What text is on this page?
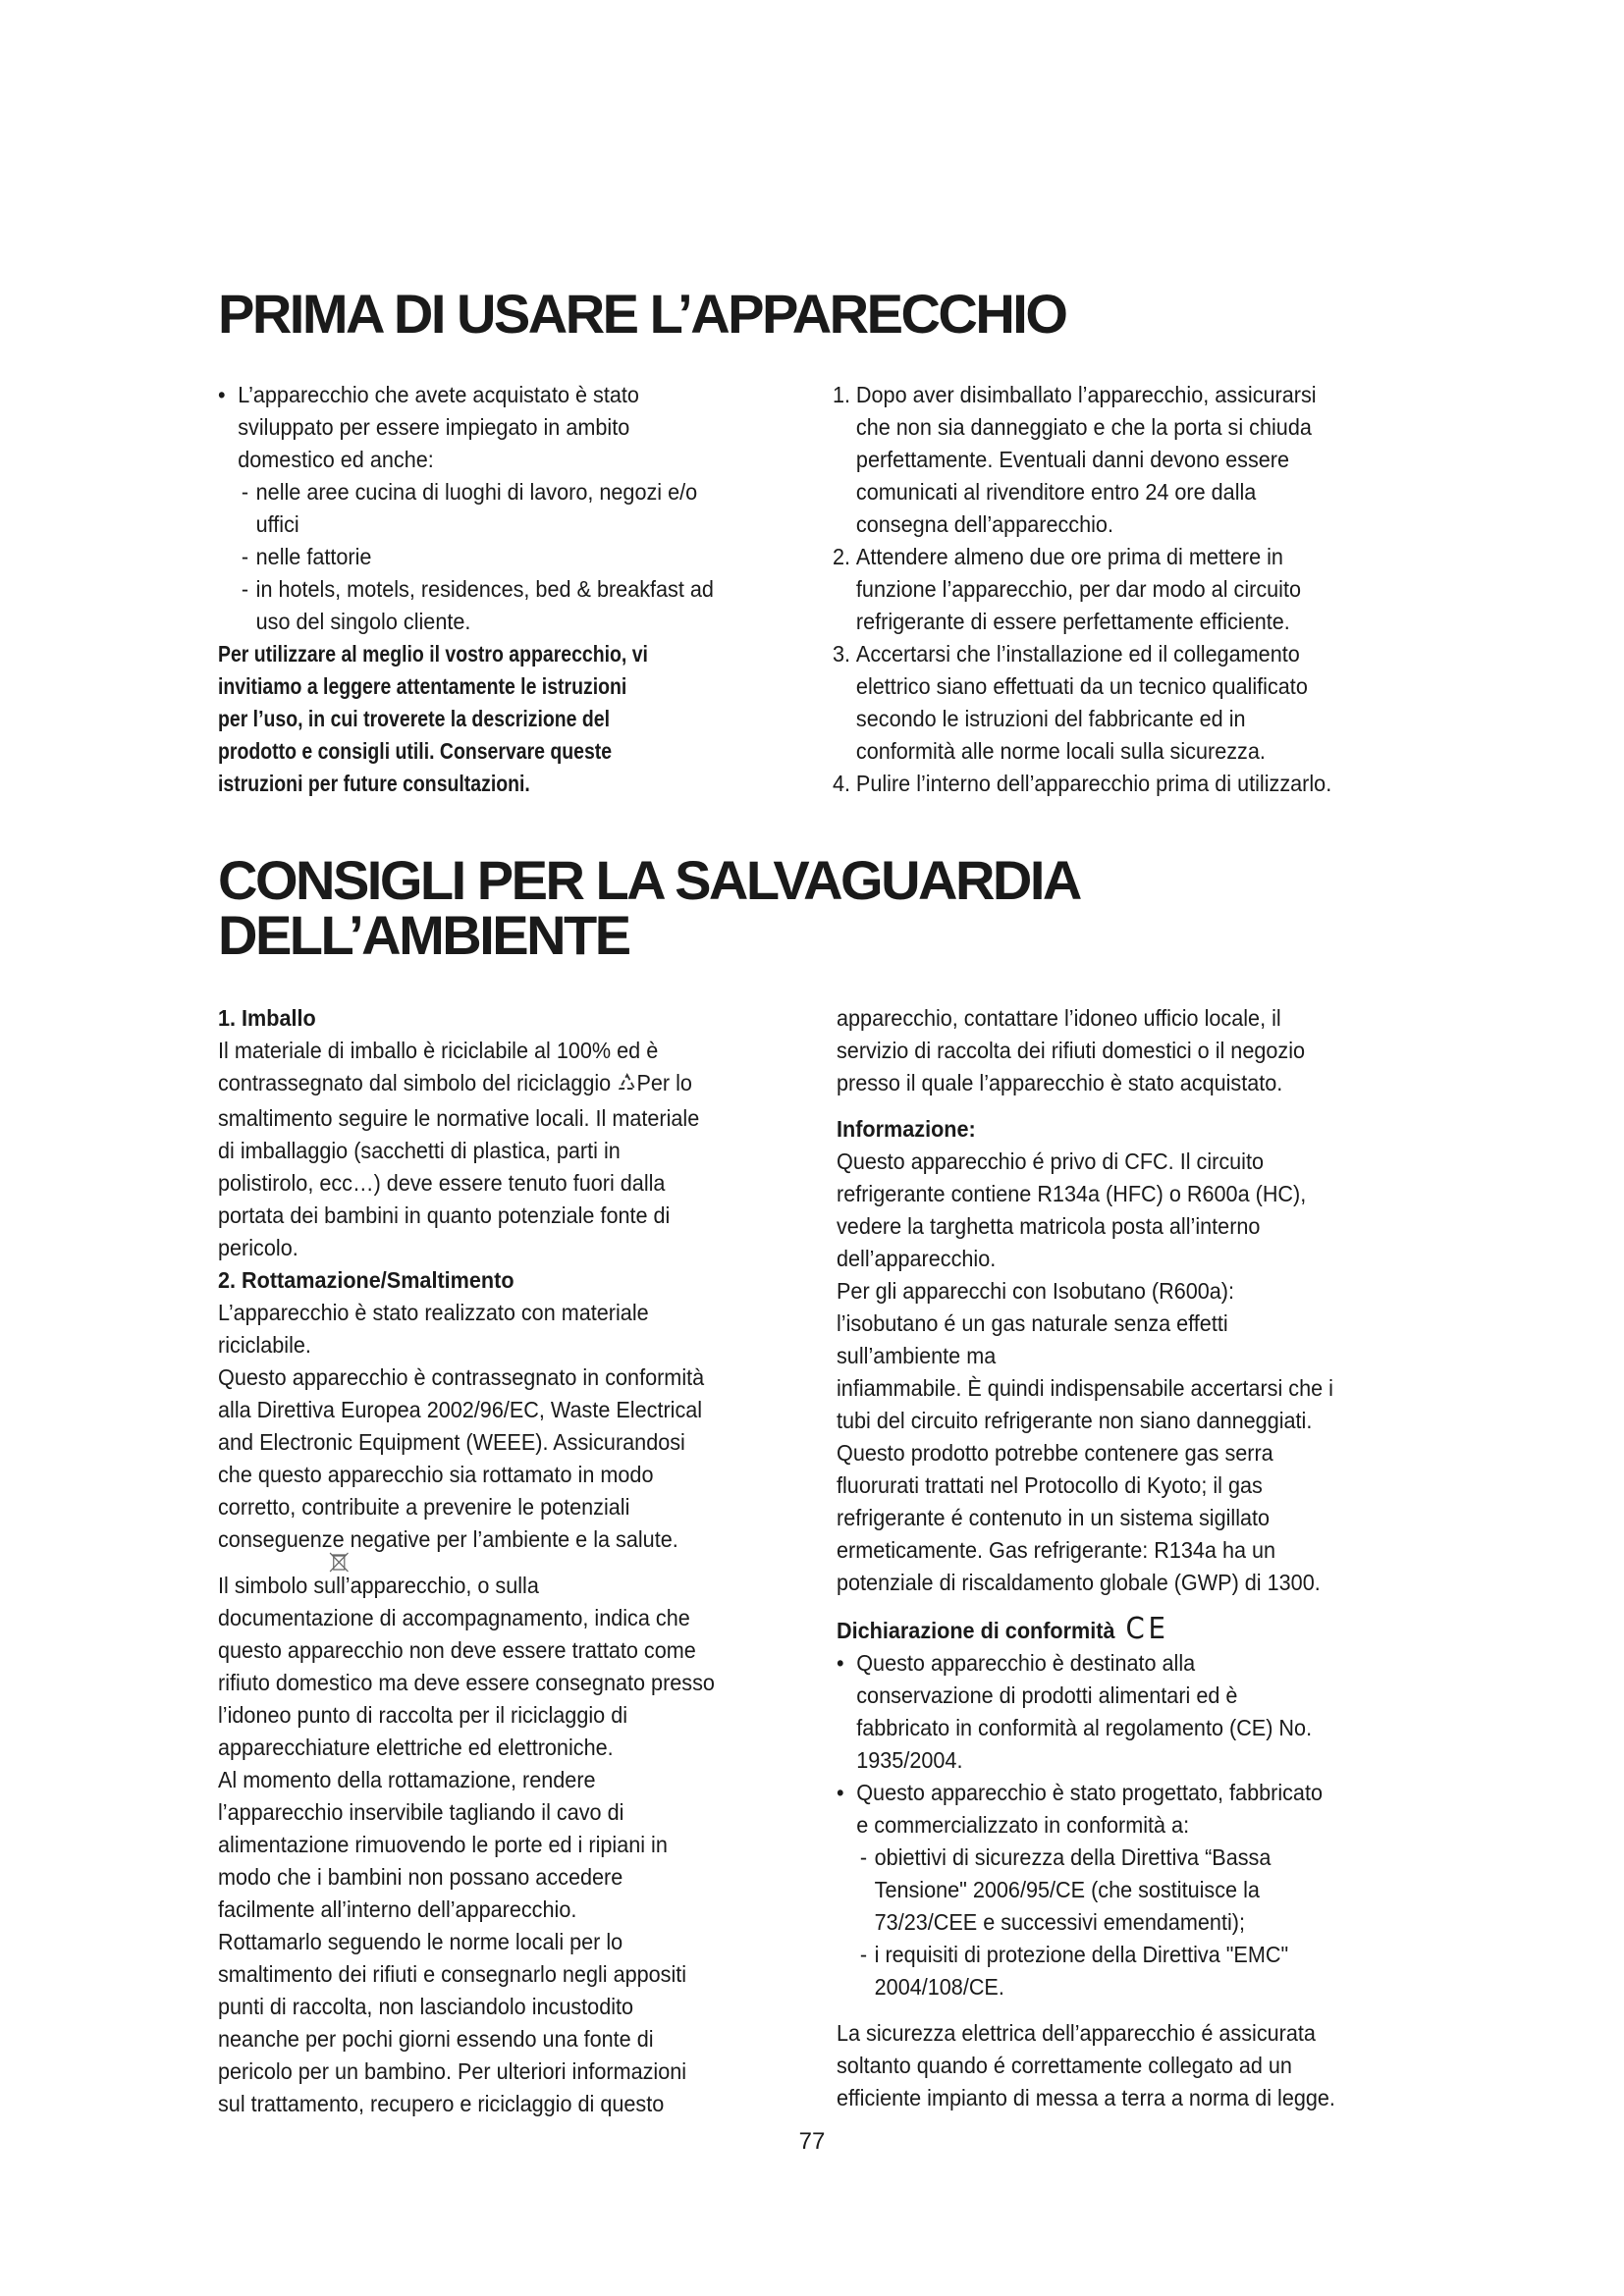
PRIMA DI USARE L’APPARECCHIO
• L’apparecchio che avete acquistato è stato
sviluppato per essere impiegato in ambito
domestico ed anche:
- nelle aree cucina di luoghi di lavoro, negozi e/o
uffici
- nelle fattorie
- in hotels, motels, residences, bed & breakfast ad
uso del singolo cliente.
Per utilizzare al meglio il vostro apparecchio, vi
invitiamo a leggere attentamente le istruzioni
per l’uso, in cui troverete la descrizione del
prodotto e consigli utili. Conservare queste
istruzioni per future consultazioni.
1. Dopo aver disimballato l’apparecchio, assicurarsi
che non sia danneggiato e che la porta si chiuda
perfettamente. Eventuali danni devono essere
comunicati al rivenditore entro 24 ore dalla
consegna dell’apparecchio.
2. Attendere almeno due ore prima di mettere in
funzione l’apparecchio, per dar modo al circuito
refrigerante di essere perfettamente efficiente.
3. Accertarsi che l’installazione ed il collegamento
elettrico siano effettuati da un tecnico qualificato
secondo le istruzioni del fabbricante ed in
conformità alle norme locali sulla sicurezza.
4. Pulire l’interno dell’apparecchio prima di utilizzarlo.
CONSIGLI PER LA SALVAGUARDIA
DELL’AMBIENTE
1. Imballo
Il materiale di imballo è riciclabile al 100% ed è
contrassegnato dal simbolo del riciclaggio Per lo
smaltimento seguire le normative locali. Il materiale
di imballaggio (sacchetti di plastica, parti in
polistirolo, ecc…) deve essere tenuto fuori dalla
portata dei bambini in quanto potenziale fonte di
pericolo.
2. Rottamazione/Smaltimento
L’apparecchio è stato realizzato con materiale
riciclabile.
Questo apparecchio è contrassegnato in conformità
alla Direttiva Europea 2002/96/EC, Waste Electrical
and Electronic Equipment (WEEE). Assicurandosi
che questo apparecchio sia rottamato in modo
corretto, contribuite a prevenire le potenziali
conseguenze negative per l’ambiente e la salute.
Il simbolo sull’apparecchio, o sulla
documentazione di accompagnamento, indica che
questo apparecchio non deve essere trattato come
rifiuto domestico ma deve essere consegnato presso
l’idoneo punto di raccolta per il riciclaggio di
apparecchiature elettriche ed elettroniche.
Al momento della rottamazione, rendere
l’apparecchio inservibile tagliando il cavo di
alimentazione rimuovendo le porte ed i ripiani in
modo che i bambini non possano accedere
facilmente all’interno dell’apparecchio.
Rottamarlo seguendo le norme locali per lo
smaltimento dei rifiuti e consegnarlo negli appositi
punti di raccolta, non lasciandolo incustodito
neanche per pochi giorni essendo una fonte di
pericolo per un bambino. Per ulteriori informazioni
sul trattamento, recupero e riciclaggio di questo
apparecchio, contattare l’idoneo ufficio locale, il
servizio di raccolta dei rifiuti domestici o il negozio
presso il quale l’apparecchio è stato acquistato.
Informazione:
Questo apparecchio é privo di CFC. Il circuito
refrigerante contiene R134a (HFC) o R600a (HC),
vedere la targhetta matricola posta all’interno
dell’apparecchio.
Per gli apparecchi con Isobutano (R600a):
l’isobutano é un gas naturale senza effetti
sull’ambiente ma
infiammabile. È quindi indispensabile accertarsi che i
tubi del circuito refrigerante non siano danneggiati.
Questo prodotto potrebbe contenere gas serra
fluorurati trattati nel Protocollo di Kyoto; il gas
refrigerante é contenuto in un sistema sigillato
ermeticamente. Gas refrigerante: R134a ha un
potenziale di riscaldamento globale (GWP) di 1300.
Dichiarazione di conformità CE
• Questo apparecchio è destinato alla
conservazione di prodotti alimentari ed è
fabbricato in conformità al regolamento (CE) No.
1935/2004.
• Questo apparecchio è stato progettato, fabbricato
e commercializzato in conformità a:
- obiettivi di sicurezza della Direttiva “Bassa
Tensione" 2006/95/CE (che sostituisce la
73/23/CEE e successivi emendamenti);
- i requisiti di protezione della Direttiva "EMC"
2004/108/CE.
La sicurezza elettrica dell’apparecchio é assicurata
soltanto quando é correttamente collegato ad un
efficiente impianto di messa a terra a norma di legge.
77
